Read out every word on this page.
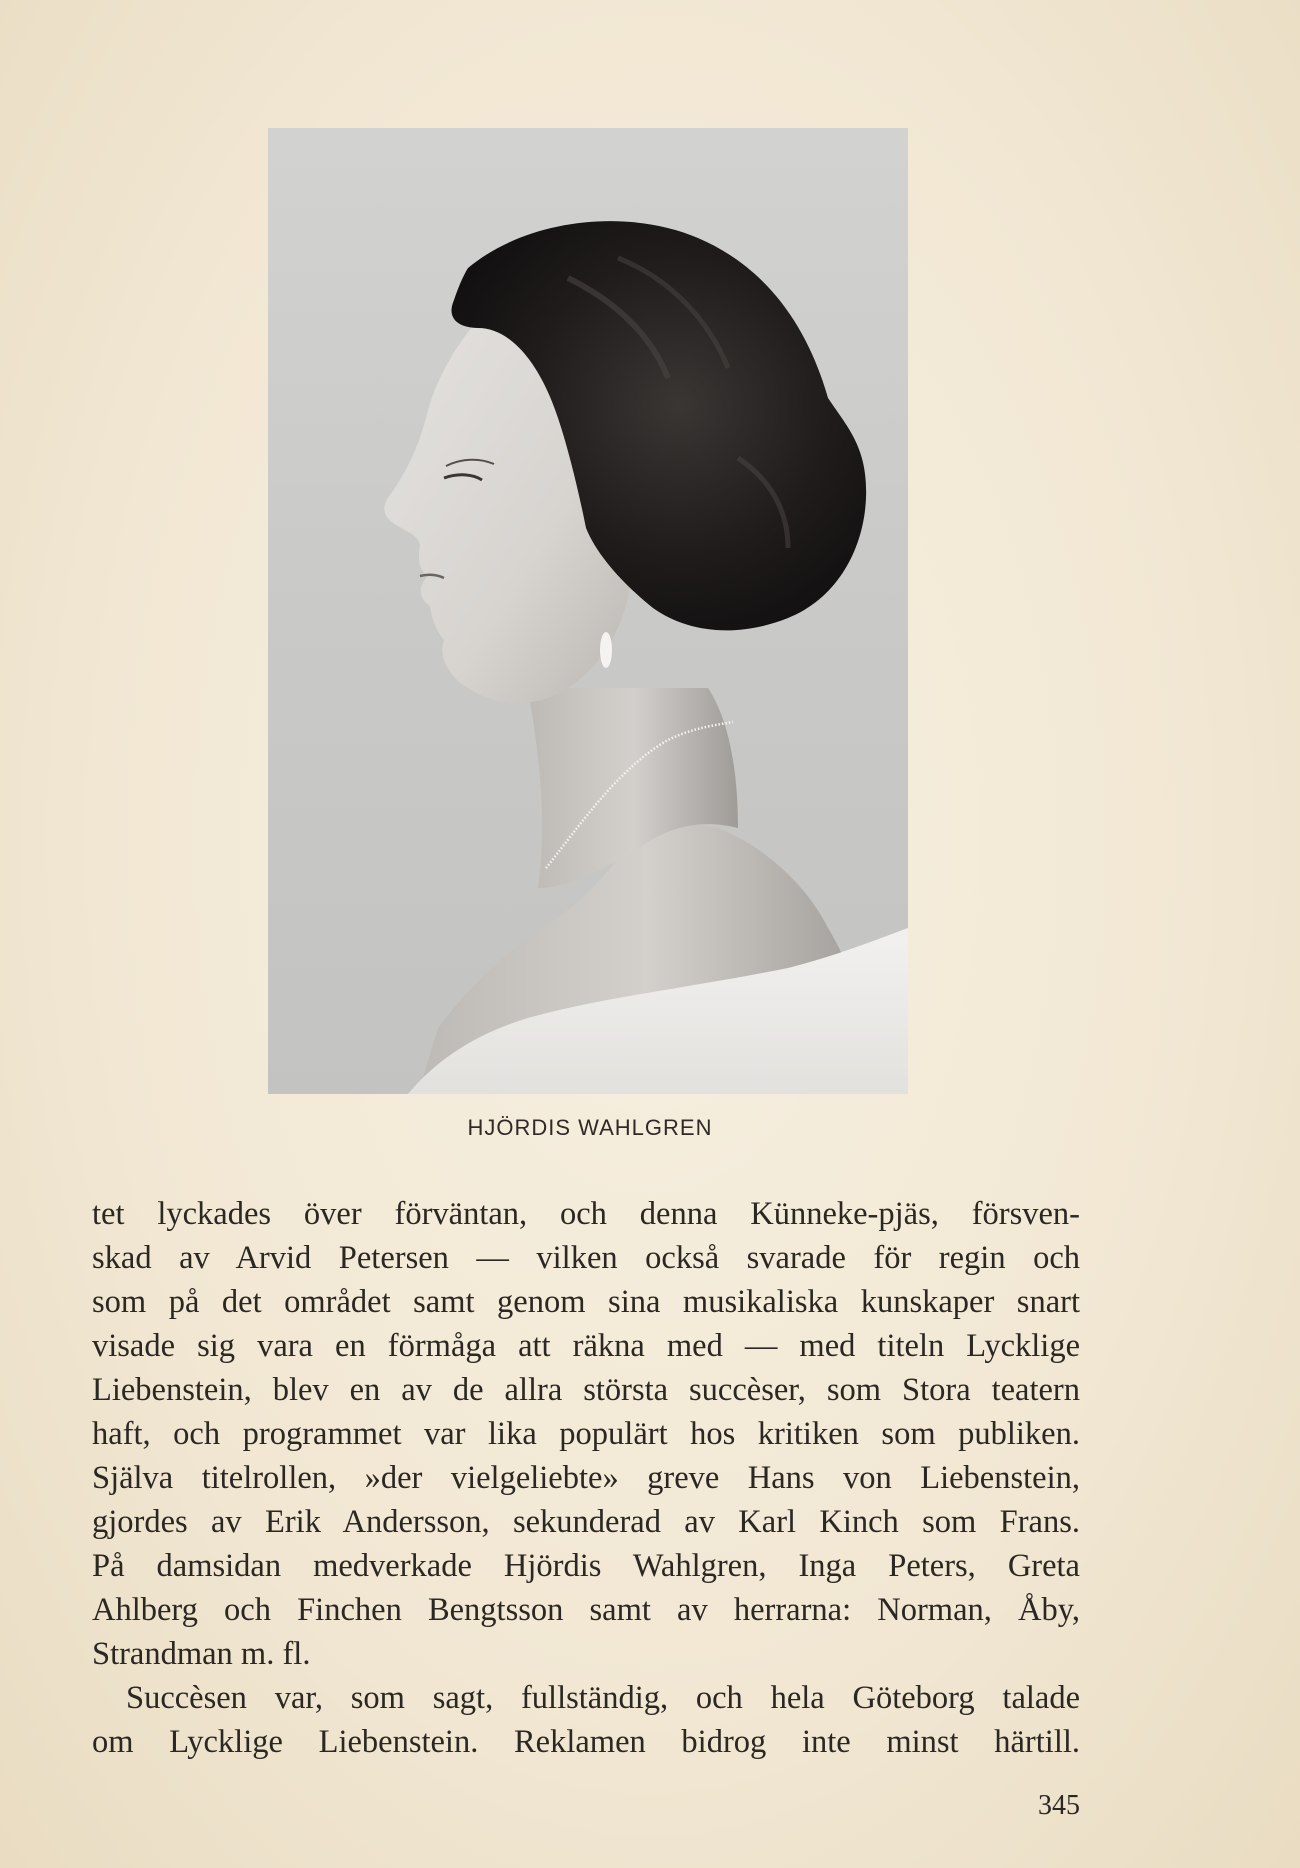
HJÖRDIS WAHLGREN
tet lyckades över förväntan, och denna Künneke-pjäs, försven-
skad av Arvid Petersen — vilken också svarade för regin och
som på det området samt genom sina musikaliska kunskaper snart
visade sig vara en förmåga att räkna med — med titeln Lycklige
Liebenstein, blev en av de allra största succèser, som Stora teatern
haft, och programmet var lika populärt hos kritiken som publiken.
Själva titelrollen, »der vielgeliebte» greve Hans von Liebenstein,
gjordes av Erik Andersson, sekunderad av Karl Kinch som Frans.
På damsidan medverkade Hjördis Wahlgren, Inga Peters, Greta
Ahlberg och Finchen Bengtsson samt av herrarna: Norman, Åby,
Strandman m. fl.
Succèsen var, som sagt, fullständig, och hela Göteborg talade
om Lycklige Liebenstein. Reklamen bidrog inte minst härtill.
345
